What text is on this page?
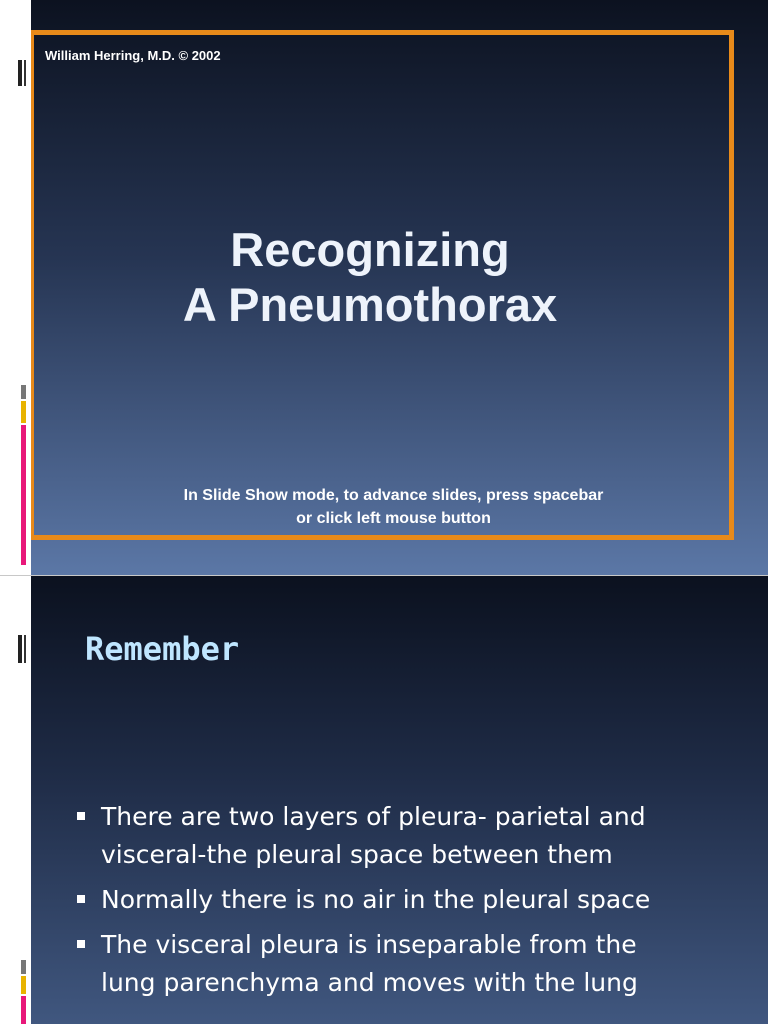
William Herring, M.D. © 2002

Recognizing
A Pneumothorax

In Slide Show mode, to advance slides, press spacebar
or click left mouse button

Remember
There are two layers of pleura- parietal and
visceral-the pleural space between them
Normally there is no air in the pleural space
The visceral pleura is inseparable from the
lung parenchyma and moves with the lung
